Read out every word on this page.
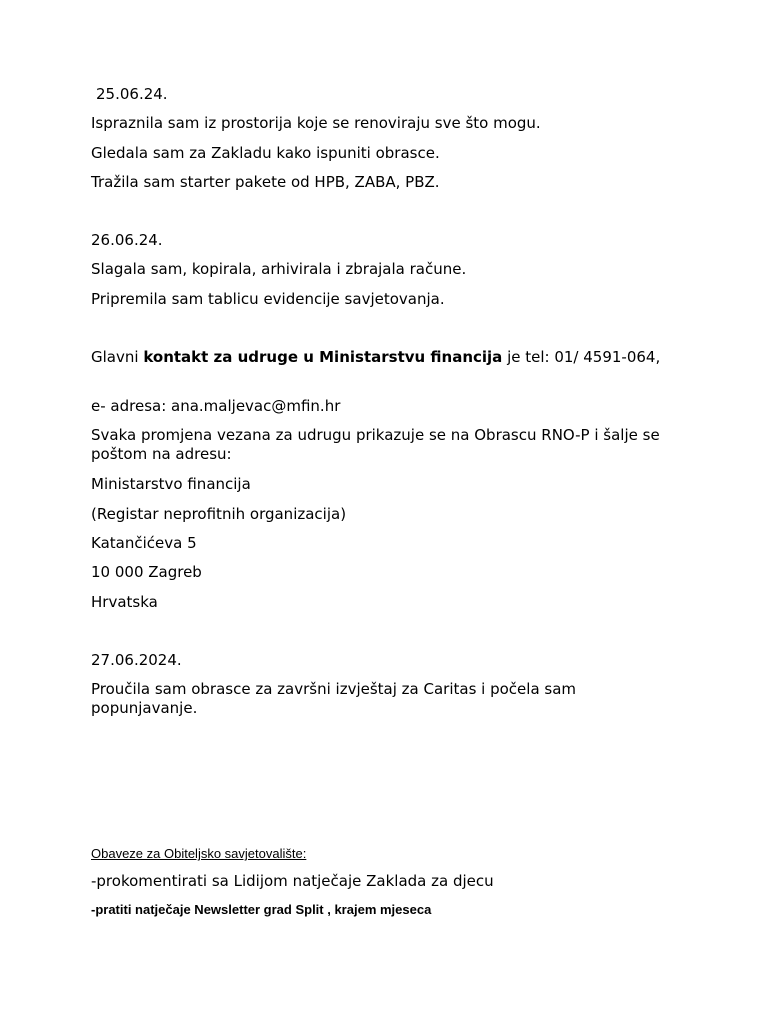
25.06.24.

Ispraznila sam iz prostorija koje se renoviraju sve što mogu.

Gledala sam za Zakladu kako ispuniti obrasce.

Tražila sam starter pakete od HPB, ZABA, PBZ.

26.06.24.

Slagala sam, kopirala, arhivirala i zbrajala račune.

Pripremila sam tablicu evidencije savjetovanja.

Glavni kontakt za udruge u Ministarstvu financija je tel: 01/ 4591-064,

e- adresa: ana.maljevac@mfin.hr

Svaka promjena vezana za udrugu prikazuje se na Obrascu RNO-P i šalje se poštom na adresu:

Ministarstvo financija

(Registar neprofitnih organizacija)

Katančićeva 5

10 000 Zagreb

Hrvatska

27.06.2024.

Proučila sam obrasce za završni izvještaj za Caritas i počela sam popunjavanje.

Obaveze za Obiteljsko savjetovalište:

-prokomentirati sa Lidijom natječaje Zaklada za djecu

-pratiti natječaje Newsletter grad Split , krajem mjeseca
